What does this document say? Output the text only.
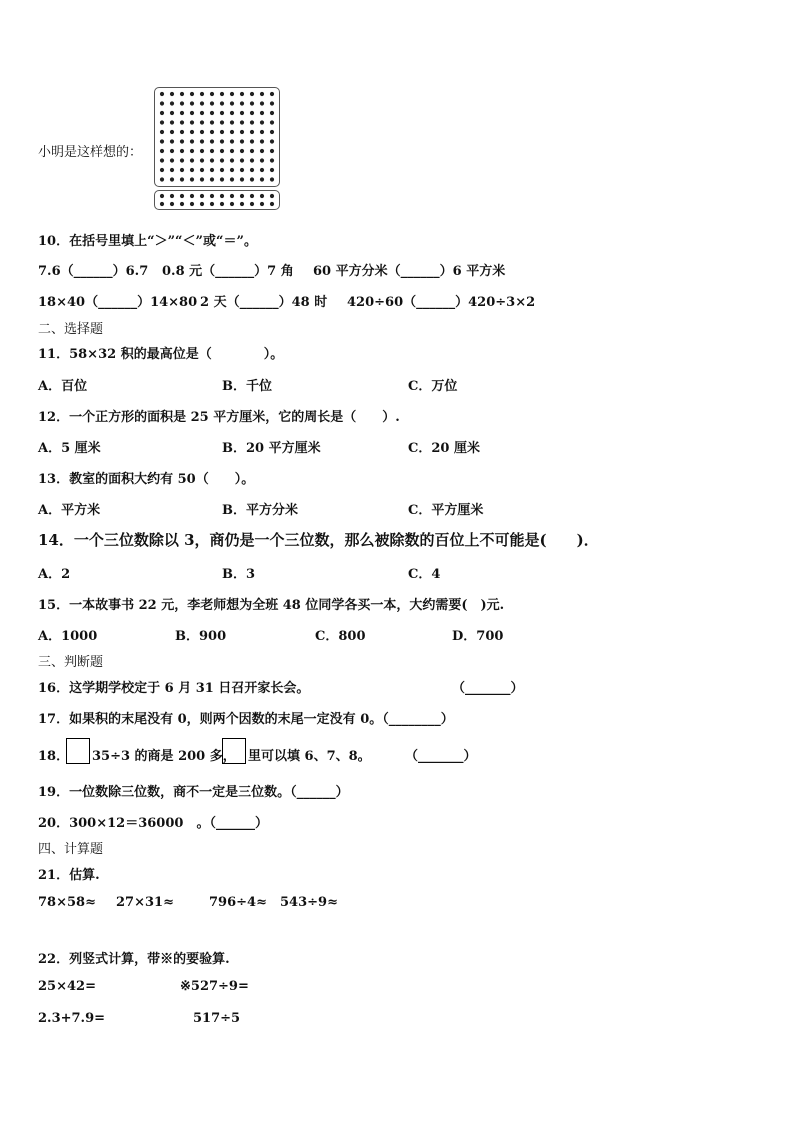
小明是这样想的：
10．在括号里填上“＞”“＜”或“＝”。
7.6（______）6.7 0.8 元（______）7 角 60 平方分米（______）6 平方米
18×40（______）14×80 2 天（______）48 时 420÷60（______）420÷3×2
二、选择题
11．58×32 积的最高位是（　　　　）。
A．百位	B．千位	C．万位
12．一个正方形的面积是 25 平方厘米，它的周长是（　　）.
A．5 厘米	B．20 平方厘米	C．20 厘米
13．教室的面积大约有 50（　　）。
A．平方米	B．平方分米	C．平方厘米
14．一个三位数除以 3，商仍是一个三位数，那么被除数的百位上不可能是(　　)．
A．2	B．3	C．4
15．一本故事书 22 元，李老师想为全班 48 位同学各买一本，大约需要(　)元.
A．1000	B．900	C．800	D．700
三、判断题
16．这学期学校定于 6 月 31 日召开家长会。	（_______）
17．如果积的末尾没有 0，则两个因数的末尾一定没有 0。（________）
18． 35÷3 的商是 200 多， 里可以填 6、7、8。	（_______）
19．一位数除三位数，商不一定是三位数。（______）
20．300×12＝36000　。（______）
四、计算题
21．估算.
78×58≈ 27×31≈	796÷4≈ 543÷9≈
22．列竖式计算，带※的要验算.
25×42=	※527÷9=
2.3+7.9=	517÷5
